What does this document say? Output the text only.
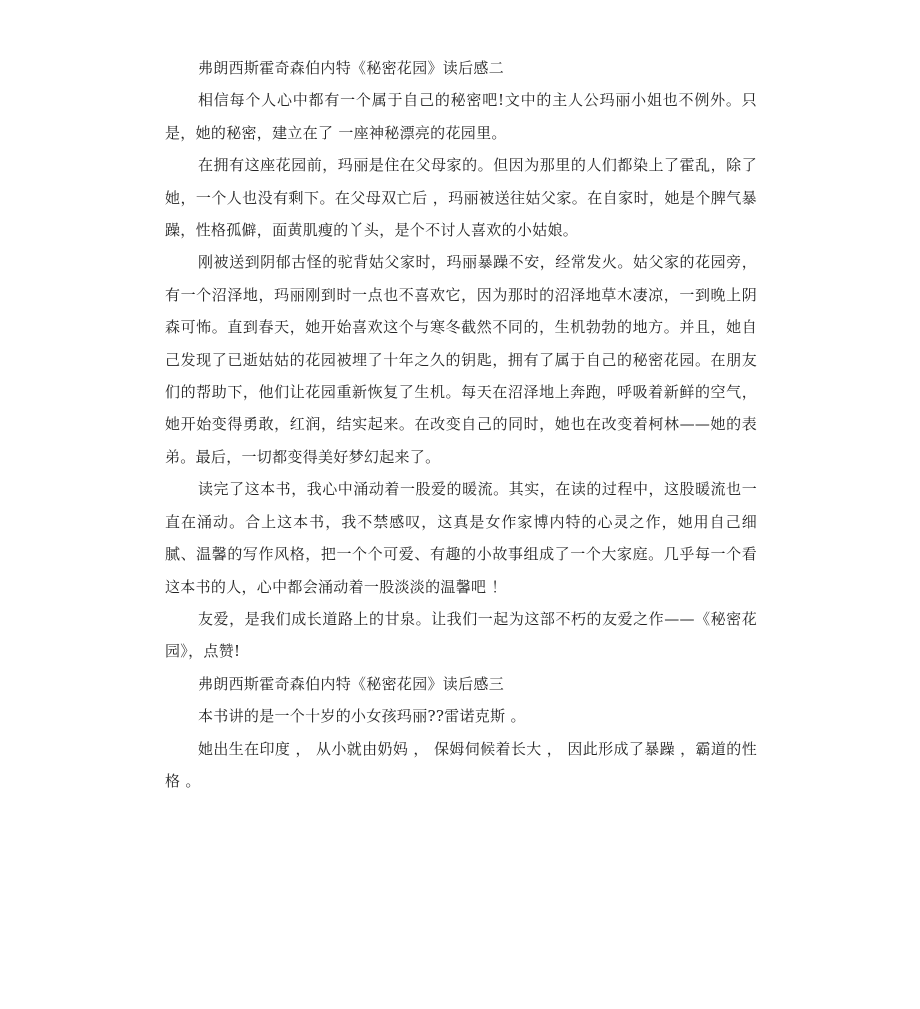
弗朗西斯霍奇森伯内特《秘密花园》读后感二

相信每个人心中都有一个属于自己的秘密吧!文中的主人公玛丽小姐也不例外。只是，她的秘密，建立在了 一座神秘漂亮的花园里。

在拥有这座花园前，玛丽是住在父母家的。但因为那里的人们都染上了霍乱，除了她，一个人也没有剩下。在父母双亡后 ，玛丽被送往姑父家。在自家时，她是个脾气暴躁，性格孤僻，面黄肌瘦的丫头，是个不讨人喜欢的小姑娘。

刚被送到阴郁古怪的驼背姑父家时，玛丽暴躁不安，经常发火。姑父家的花园旁，有一个沼泽地，玛丽刚到时一点也不喜欢它，因为那时的沼泽地草木凄凉，一到晚上阴森可怖。直到春天，她开始喜欢这个与寒冬截然不同的，生机勃勃的地方。并且，她自己发现了已逝姑姑的花园被埋了十年之久的钥匙，拥有了属于自己的秘密花园。在朋友们的帮助下，他们让花园重新恢复了生机。每天在沼泽地上奔跑，呼吸着新鲜的空气，她开始变得勇敢，红润，结实起来。在改变自己的同时，她也在改变着柯林——她的表弟。最后，一切都变得美好梦幻起来了。

读完了这本书，我心中涌动着一股爱的暖流。其实，在读的过程中，这股暖流也一直在涌动。合上这本书，我不禁感叹，这真是女作家博内特的心灵之作，她用自己细腻、温馨的写作风格，把一个个可爱、有趣的小故事组成了一个大家庭。几乎每一个看这本书的人，心中都会涌动着一股淡淡的温馨吧 ！

友爱，是我们成长道路上的甘泉。让我们一起为这部不朽的友爱之作——《秘密花园》，点赞!

弗朗西斯霍奇森伯内特《秘密花园》读后感三

本书讲的是一个十岁的小女孩玛丽??雷诺克斯 。

她出生在印度 ， 从小就由奶妈 ， 保姆伺候着长大 ， 因此形成了暴躁 ，霸道的性格 。
